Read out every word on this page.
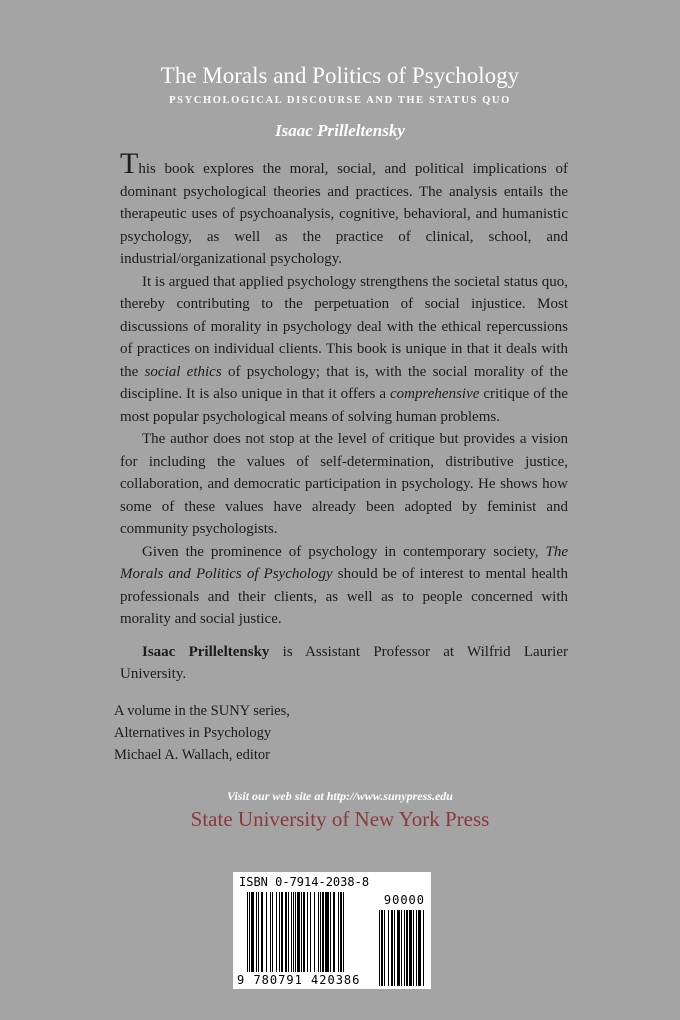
The Morals and Politics of Psychology
PSYCHOLOGICAL DISCOURSE AND THE STATUS QUO
Isaac Prilleltensky

This book explores the moral, social, and political implications of dominant psychological theories and practices. The analysis entails the therapeutic uses of psychoanalysis, cognitive, behavioral, and humanistic psychology, as well as the practice of clinical, school, and industrial/organizational psychology.

It is argued that applied psychology strengthens the societal status quo, thereby contributing to the perpetuation of social injustice. Most discussions of morality in psychology deal with the ethical repercussions of practices on individual clients. This book is unique in that it deals with the social ethics of psychology; that is, with the social morality of the discipline. It is also unique in that it offers a comprehensive critique of the most popular psychological means of solving human problems.

The author does not stop at the level of critique but provides a vision for including the values of self-determination, distributive justice, collaboration, and democratic participation in psychology. He shows how some of these values have already been adopted by feminist and community psychologists.

Given the prominence of psychology in contemporary society, The Morals and Politics of Psychology should be of interest to mental health professionals and their clients, as well as to people concerned with morality and social justice.

Isaac Prilleltensky is Assistant Professor at Wilfrid Laurier University.

A volume in the SUNY series,
Alternatives in Psychology
Michael A. Wallach, editor
Visit our web site at http://www.sunypress.edu
State University of New York Press
ISBN 0-7914-2038-8
90000
9 780791 420386
